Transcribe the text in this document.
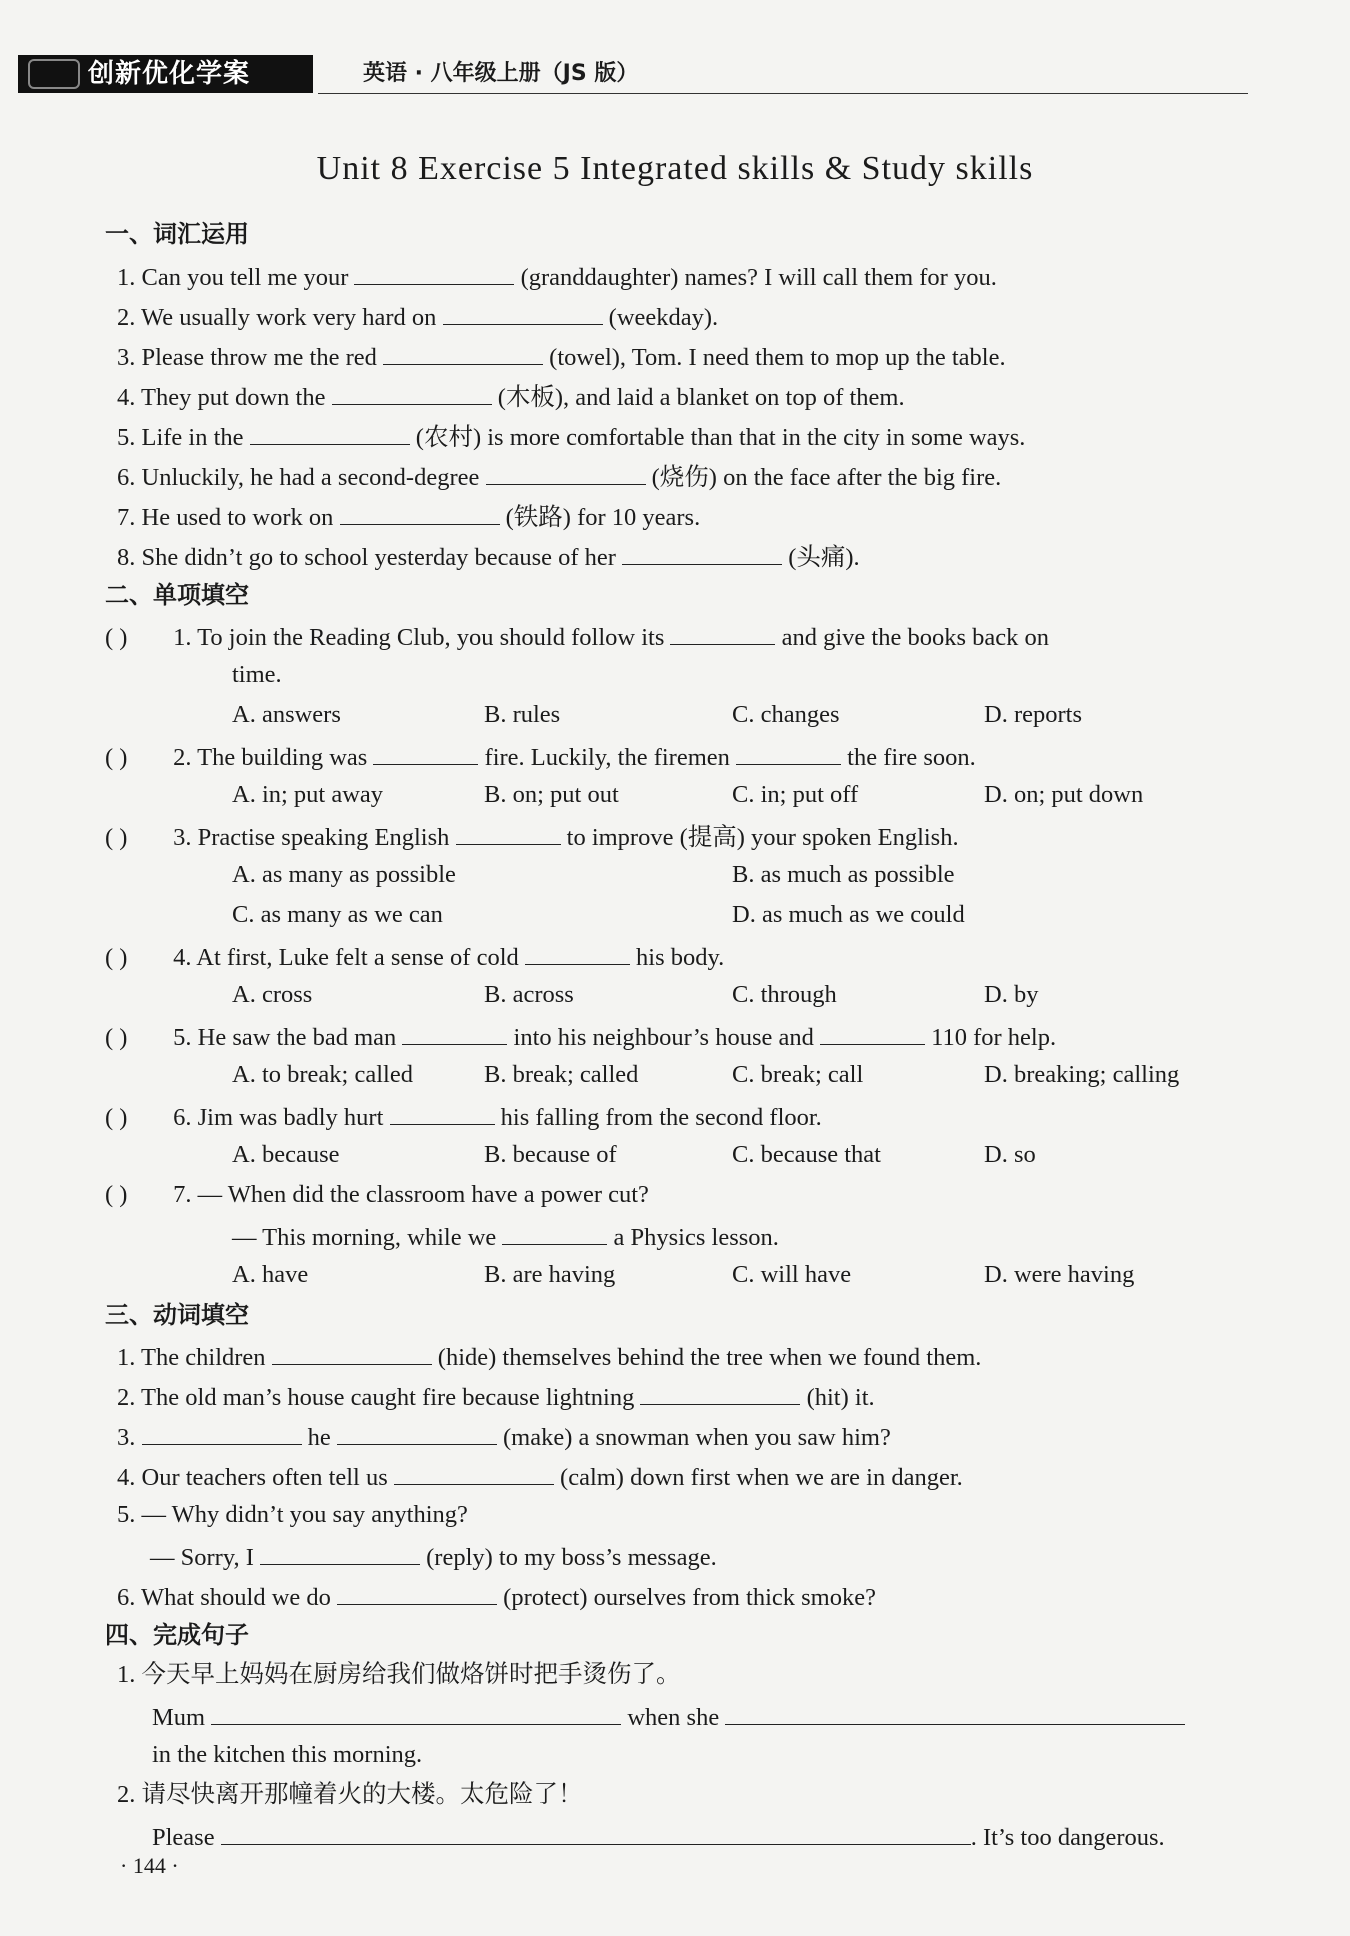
创新优化学案	英语 · 八年级上册（JS 版）
Unit 8 Exercise 5 Integrated skills & Study skills
一、词汇运用
1. Can you tell me your	(granddaughter) names? I will call them for you.
2. We usually work very hard on	(weekday).
3. Please throw me the red	(towel), Tom. I need them to mop up the table.
4. They put down the	(木板), and laid a blanket on top of them.
5. Life in the	(农村) is more comfortable than that in the city in some ways.
6. Unluckily, he had a second-degree	(烧伤) on the face after the big fire.
7. He used to work on	(铁路) for 10 years.
8. She didn’t go to school yesterday because of her	(头痛).
二、单项填空
( ) 1. To join the Reading Club, you should follow its	and give the books back on
time.
A. answers	B. rules	C. changes	D. reports
( ) 2. The building was	fire. Luckily, the firemen	the fire soon.
A. in; put away	B. on; put out	C. in; put off	D. on; put down
( ) 3. Practise speaking English	to improve (提高) your spoken English.
A. as many as possible	B. as much as possible
C. as many as we can	D. as much as we could
( ) 4. At first, Luke felt a sense of cold	his body.
A. cross	B. across	C. through	D. by
( ) 5. He saw the bad man	into his neighbour’s house and	110 for help.
A. to break; called	B. break; called	C. break; call	D. breaking; calling
( ) 6. Jim was badly hurt	his falling from the second floor.
A. because	B. because of	C. because that	D. so
( ) 7. — When did the classroom have a power cut?
— This morning, while we	a Physics lesson.
A. have	B. are having	C. will have	D. were having
三、动词填空
1. The children	(hide) themselves behind the tree when we found them.
2. The old man’s house caught fire because lightning	(hit) it.
3.	he	(make) a snowman when you saw him?
4. Our teachers often tell us	(calm) down first when we are in danger.
5. — Why didn’t you say anything?
— Sorry, I	(reply) to my boss’s message.
6. What should we do	(protect) ourselves from thick smoke?
四、完成句子
1. 今天早上妈妈在厨房给我们做烙饼时把手烫伤了。
Mum	when she
in the kitchen this morning.
2. 请尽快离开那幢着火的大楼。太危险了！
Please	. It’s too dangerous.
· 144 ·
